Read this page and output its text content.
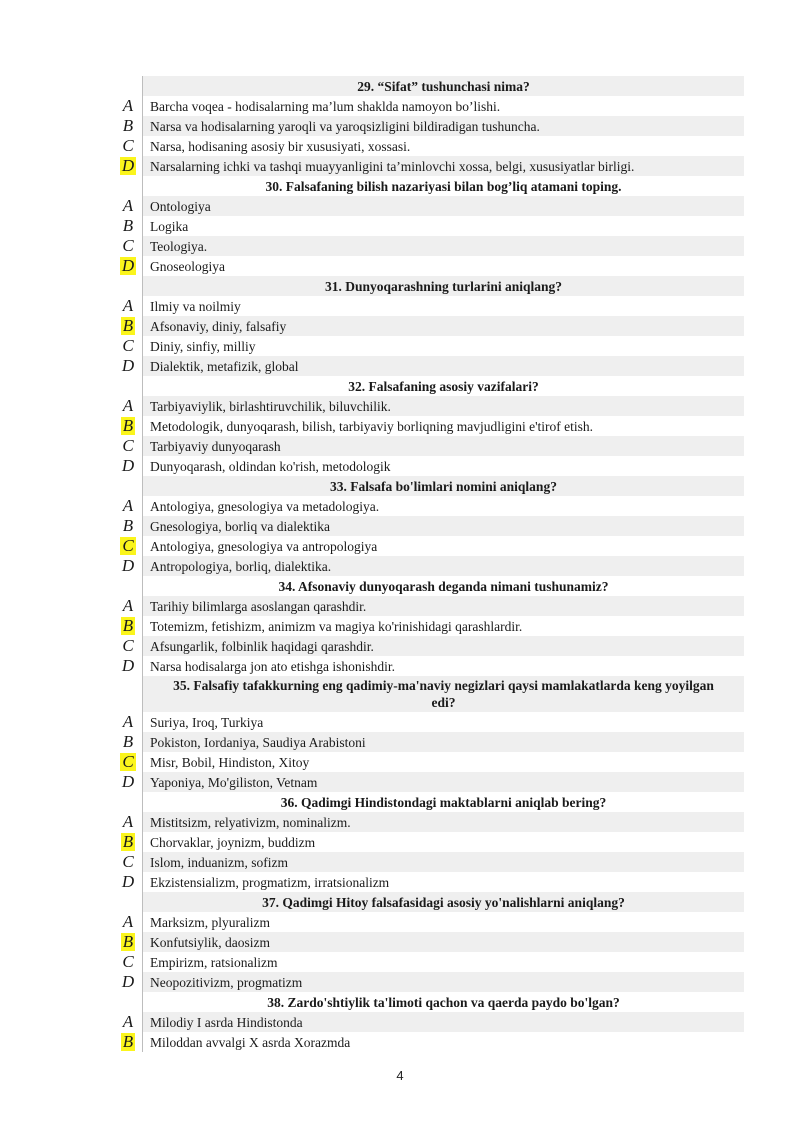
29. “Sifat” tushunchasi nima?
A	Barcha voqea - hodisalarning maʼlum shaklda namoyon boʼlishi.
B	Narsa va hodisalarning yaroqli va yaroqsizligini bildiradigan tushuncha.
C	Narsa, hodisaning asosiy bir xususiyati, xossasi.
D	Narsalarning ichki va tashqi muayyanligini taʼminlovchi xossa, belgi, xususiyatlar birligi.
30. Falsafaning bilish nazariyasi bilan bogʼliq atamani toping.
A	Ontologiya
B	Logika
C	Teologiya.
D	Gnoseologiya
31. Dunyoqarashning turlarini aniqlang?
A	Ilmiy va noilmiy
B	Afsonaviy, diniy, falsafiy
C	Diniy, sinfiy, milliy
D	Dialektik, metafizik, global
32. Falsafaning asosiy vazifalari?
A	Tarbiyaviylik, birlashtiruvchilik, biluvchilik.
B	Metodologik, dunyoqarash, bilish, tarbiyaviy borliqning mavjudligini e'tirof etish.
C	Tarbiyaviy dunyoqarash
D	Dunyoqarash, oldindan ko'rish, metodologik
33. Falsafa bo'limlari nomini aniqlang?
A	Antologiya, gnesologiya va metadologiya.
B	Gnesologiya, borliq va dialektika
C	Antologiya, gnesologiya va antropologiya
D	Antropologiya, borliq, dialektika.
34. Afsonaviy dunyoqarash deganda nimani tushunamiz?
A	Tarihiy bilimlarga asoslangan qarashdir.
B	Totemizm, fetishizm, animizm va magiya ko'rinishidagi qarashlardir.
C	Afsungarlik, folbinlik haqidagi qarashdir.
D	Narsa hodisalarga jon ato etishga ishonishdir.
35. Falsafiy tafakkurning eng qadimiy-ma'naviy negizlari qaysi mamlakatlarda keng yoyilgan edi?
A	Suriya, Iroq, Turkiya
B	Pokiston, Iordaniya, Saudiya Arabistoni
C	Misr, Bobil, Hindiston, Xitoy
D	Yaponiya, Mo'giliston, Vetnam
36. Qadimgi Hindistondagi maktablarni aniqlab bering?
A	Mistitsizm, relyativizm, nominalizm.
B	Chorvaklar, joynizm, buddizm
C	Islom, induanizm, sofizm
D	Ekzistensializm, progmatizm, irratsionalizm
37. Qadimgi Hitoy falsafasidagi asosiy yo'nalishlarni aniqlang?
A	Marksizm, plyuralizm
B	Konfutsiylik, daosizm
C	Empirizm, ratsionalizm
D	Neopozitivizm, progmatizm
38. Zardo'shtiylik ta'limoti qachon va qaerda paydo bo'lgan?
A	Milodiy I asrda Hindistonda
B	Miloddan avvalgi X asrda Xorazmda
4
